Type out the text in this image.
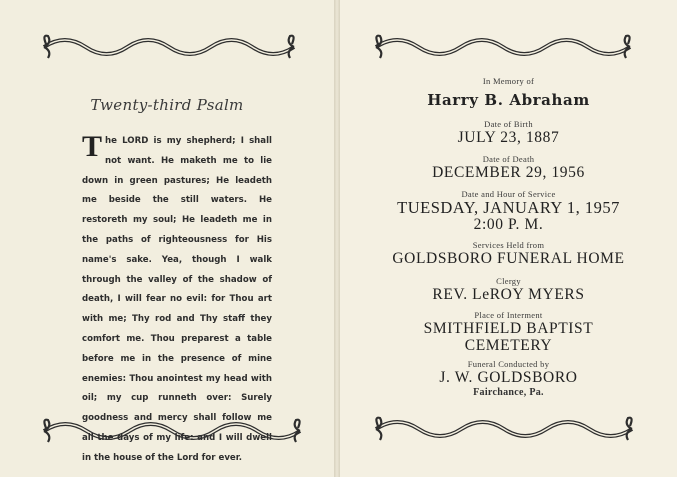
Twenty-third Psalm
The LORD is my shepherd; I shall not want. He maketh me to lie down in green pastures; He leadeth me beside the still waters. He restoreth my soul; He leadeth me in the paths of righteousness for His name's sake. Yea, though I walk through the valley of the shadow of death, I will fear no evil: for Thou art with me; Thy rod and Thy staff they comfort me. Thou preparest a table before me in the presence of mine enemies: Thou anointest my head with oil; my cup runneth over: Surely goodness and mercy shall follow me all the days of my life: and I will dwell in the house of the Lord for ever.
In Memory of
Harry B. Abraham
Date of Birth
JULY 23, 1887
Date of Death
DECEMBER 29, 1956
Date and Hour of Service
TUESDAY, JANUARY 1, 1957
2:00 P. M.
Services Held from
GOLDSBORO FUNERAL HOME
Clergy
REV. LeROY MYERS
Place of Interment
SMITHFIELD BAPTIST
CEMETERY
Funeral Conducted by
J. W. GOLDSBORO
Fairchance, Pa.
